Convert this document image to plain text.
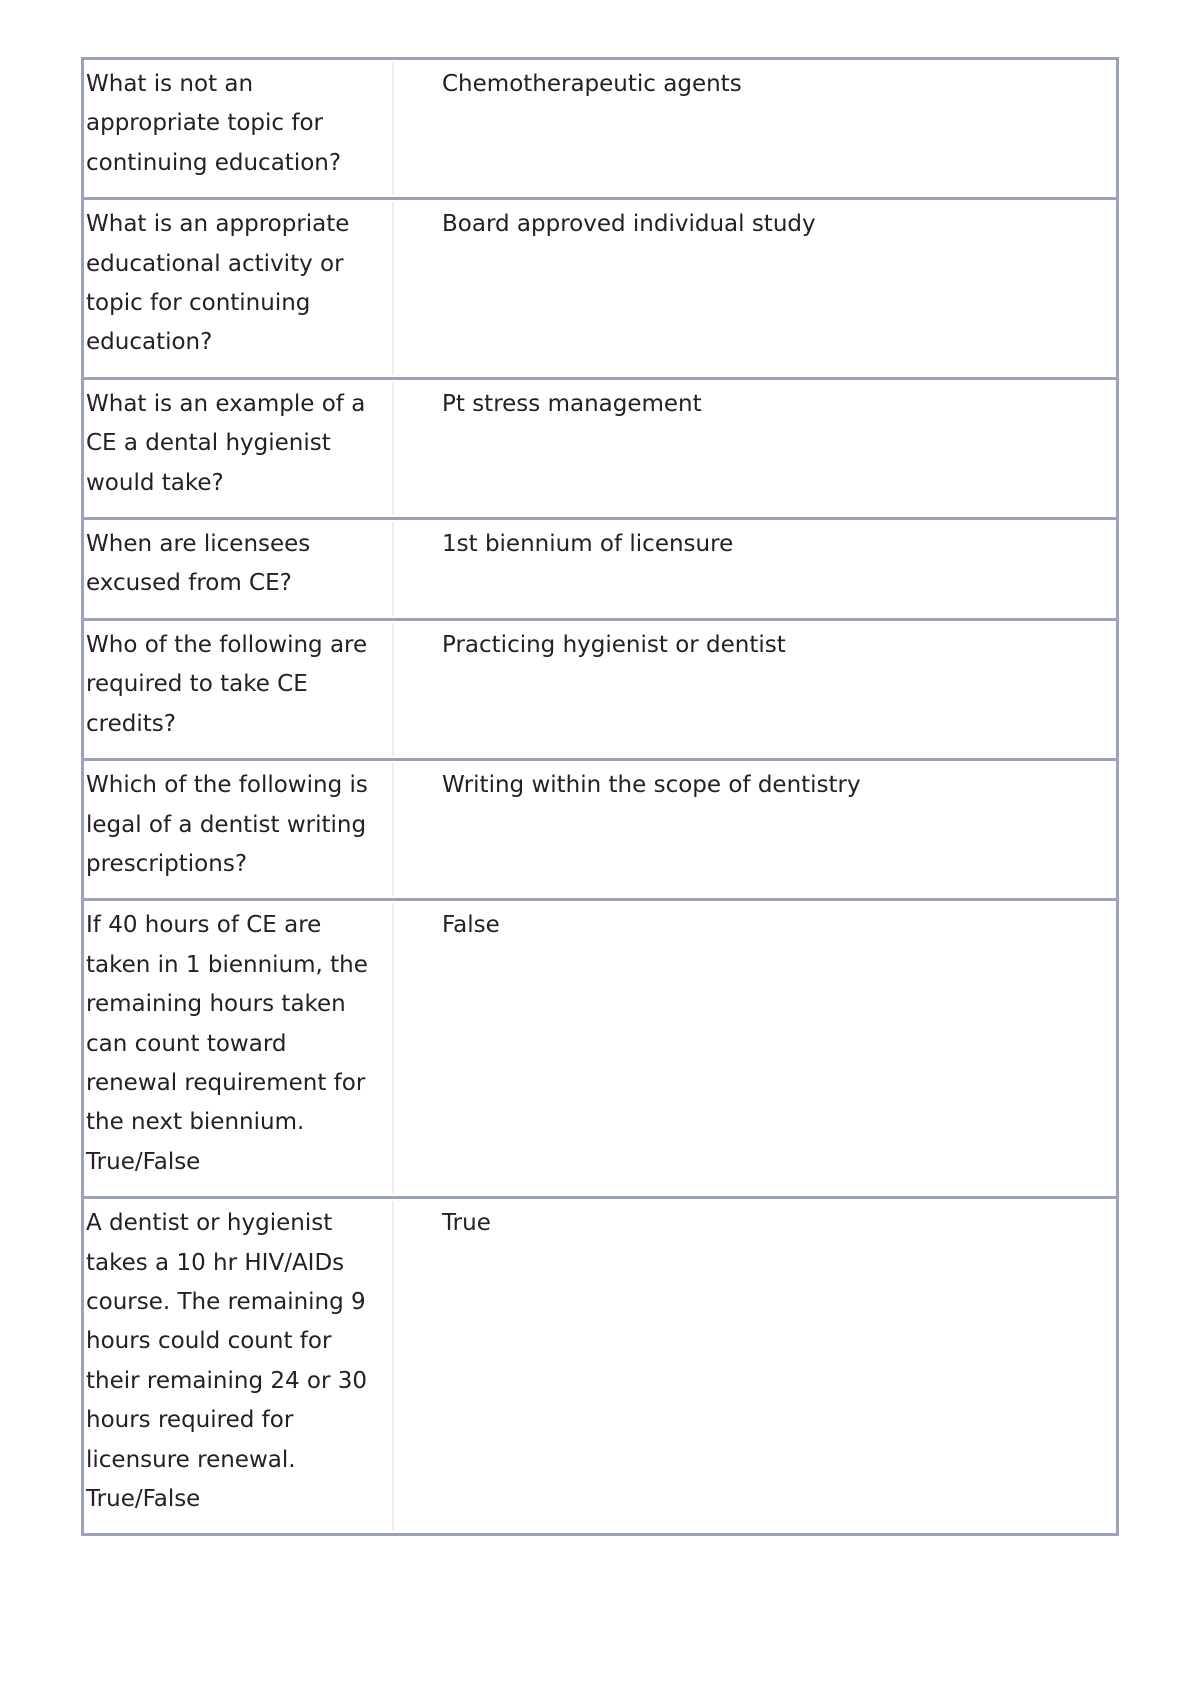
What is not an appropriate topic for continuing education?	Chemotherapeutic agents

What is an appropriate educational activity or topic for continuing education?	Board approved individual study

What is an example of a CE a dental hygienist would take?	Pt stress management

When are licensees excused from CE?	1st biennium of licensure

Who of the following are required to take CE credits?	Practicing hygienist or dentist

Which of the following is legal of a dentist writing prescriptions?	Writing within the scope of dentistry

If 40 hours of CE are taken in 1 biennium, the remaining hours taken can count toward renewal requirement for the next biennium. True/False	False

A dentist or hygienist takes a 10 hr HIV/AIDs course. The remaining 9 hours could count for their remaining 24 or 30 hours required for licensure renewal. True/False	True
